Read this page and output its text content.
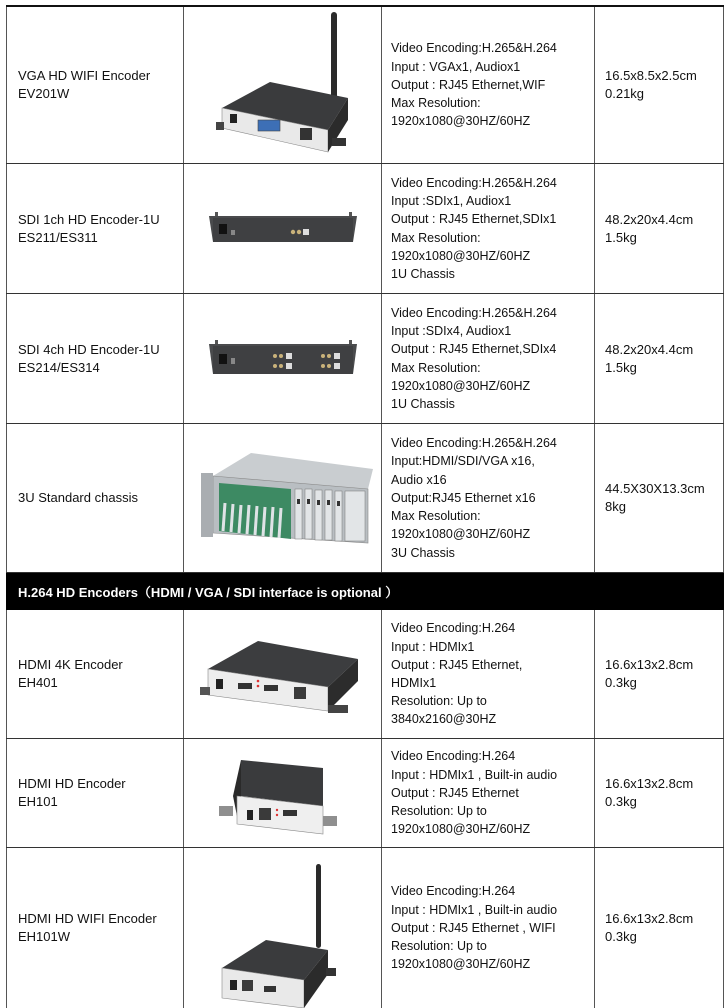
VGA HD WIFI Encoder
EV201W
Video Encoding:H.265&H.264
Input : VGAx1, Audiox1
Output : RJ45 Ethernet,WIF
Max Resolution:
1920x1080@30HZ/60HZ
16.5x8.5x2.5cm
0.21kg
SDI 1ch HD Encoder-1U
ES211/ES311
Video Encoding:H.265&H.264
Input :SDIx1, Audiox1
Output : RJ45 Ethernet,SDIx1
Max Resolution:
1920x1080@30HZ/60HZ
1U Chassis
48.2x20x4.4cm
1.5kg
SDI 4ch HD Encoder-1U
ES214/ES314
Video Encoding:H.265&H.264
Input :SDIx4, Audiox1
Output : RJ45 Ethernet,SDIx4
Max Resolution:
1920x1080@30HZ/60HZ
1U Chassis
48.2x20x4.4cm
1.5kg
3U Standard chassis
Video Encoding:H.265&H.264
Input:HDMI/SDI/VGA x16,
Audio x16
Output:RJ45 Ethernet x16
Max Resolution:
1920x1080@30HZ/60HZ
3U Chassis
44.5X30X13.3cm
8kg
H.264 HD Encoders（HDMI / VGA / SDI interface is optional ）
HDMI 4K Encoder
EH401
Video Encoding:H.264
Input : HDMIx1
Output : RJ45 Ethernet,
HDMIx1
Resolution: Up to
3840x2160@30HZ
16.6x13x2.8cm
0.3kg
HDMI HD Encoder
EH101
Video Encoding:H.264
Input : HDMIx1 , Built-in audio
Output : RJ45 Ethernet
Resolution: Up to
1920x1080@30HZ/60HZ
16.6x13x2.8cm
0.3kg
HDMI HD WIFI Encoder
EH101W
Video Encoding:H.264
Input : HDMIx1 , Built-in audio
Output : RJ45 Ethernet , WIFI
Resolution: Up to
1920x1080@30HZ/60HZ
16.6x13x2.8cm
0.3kg
